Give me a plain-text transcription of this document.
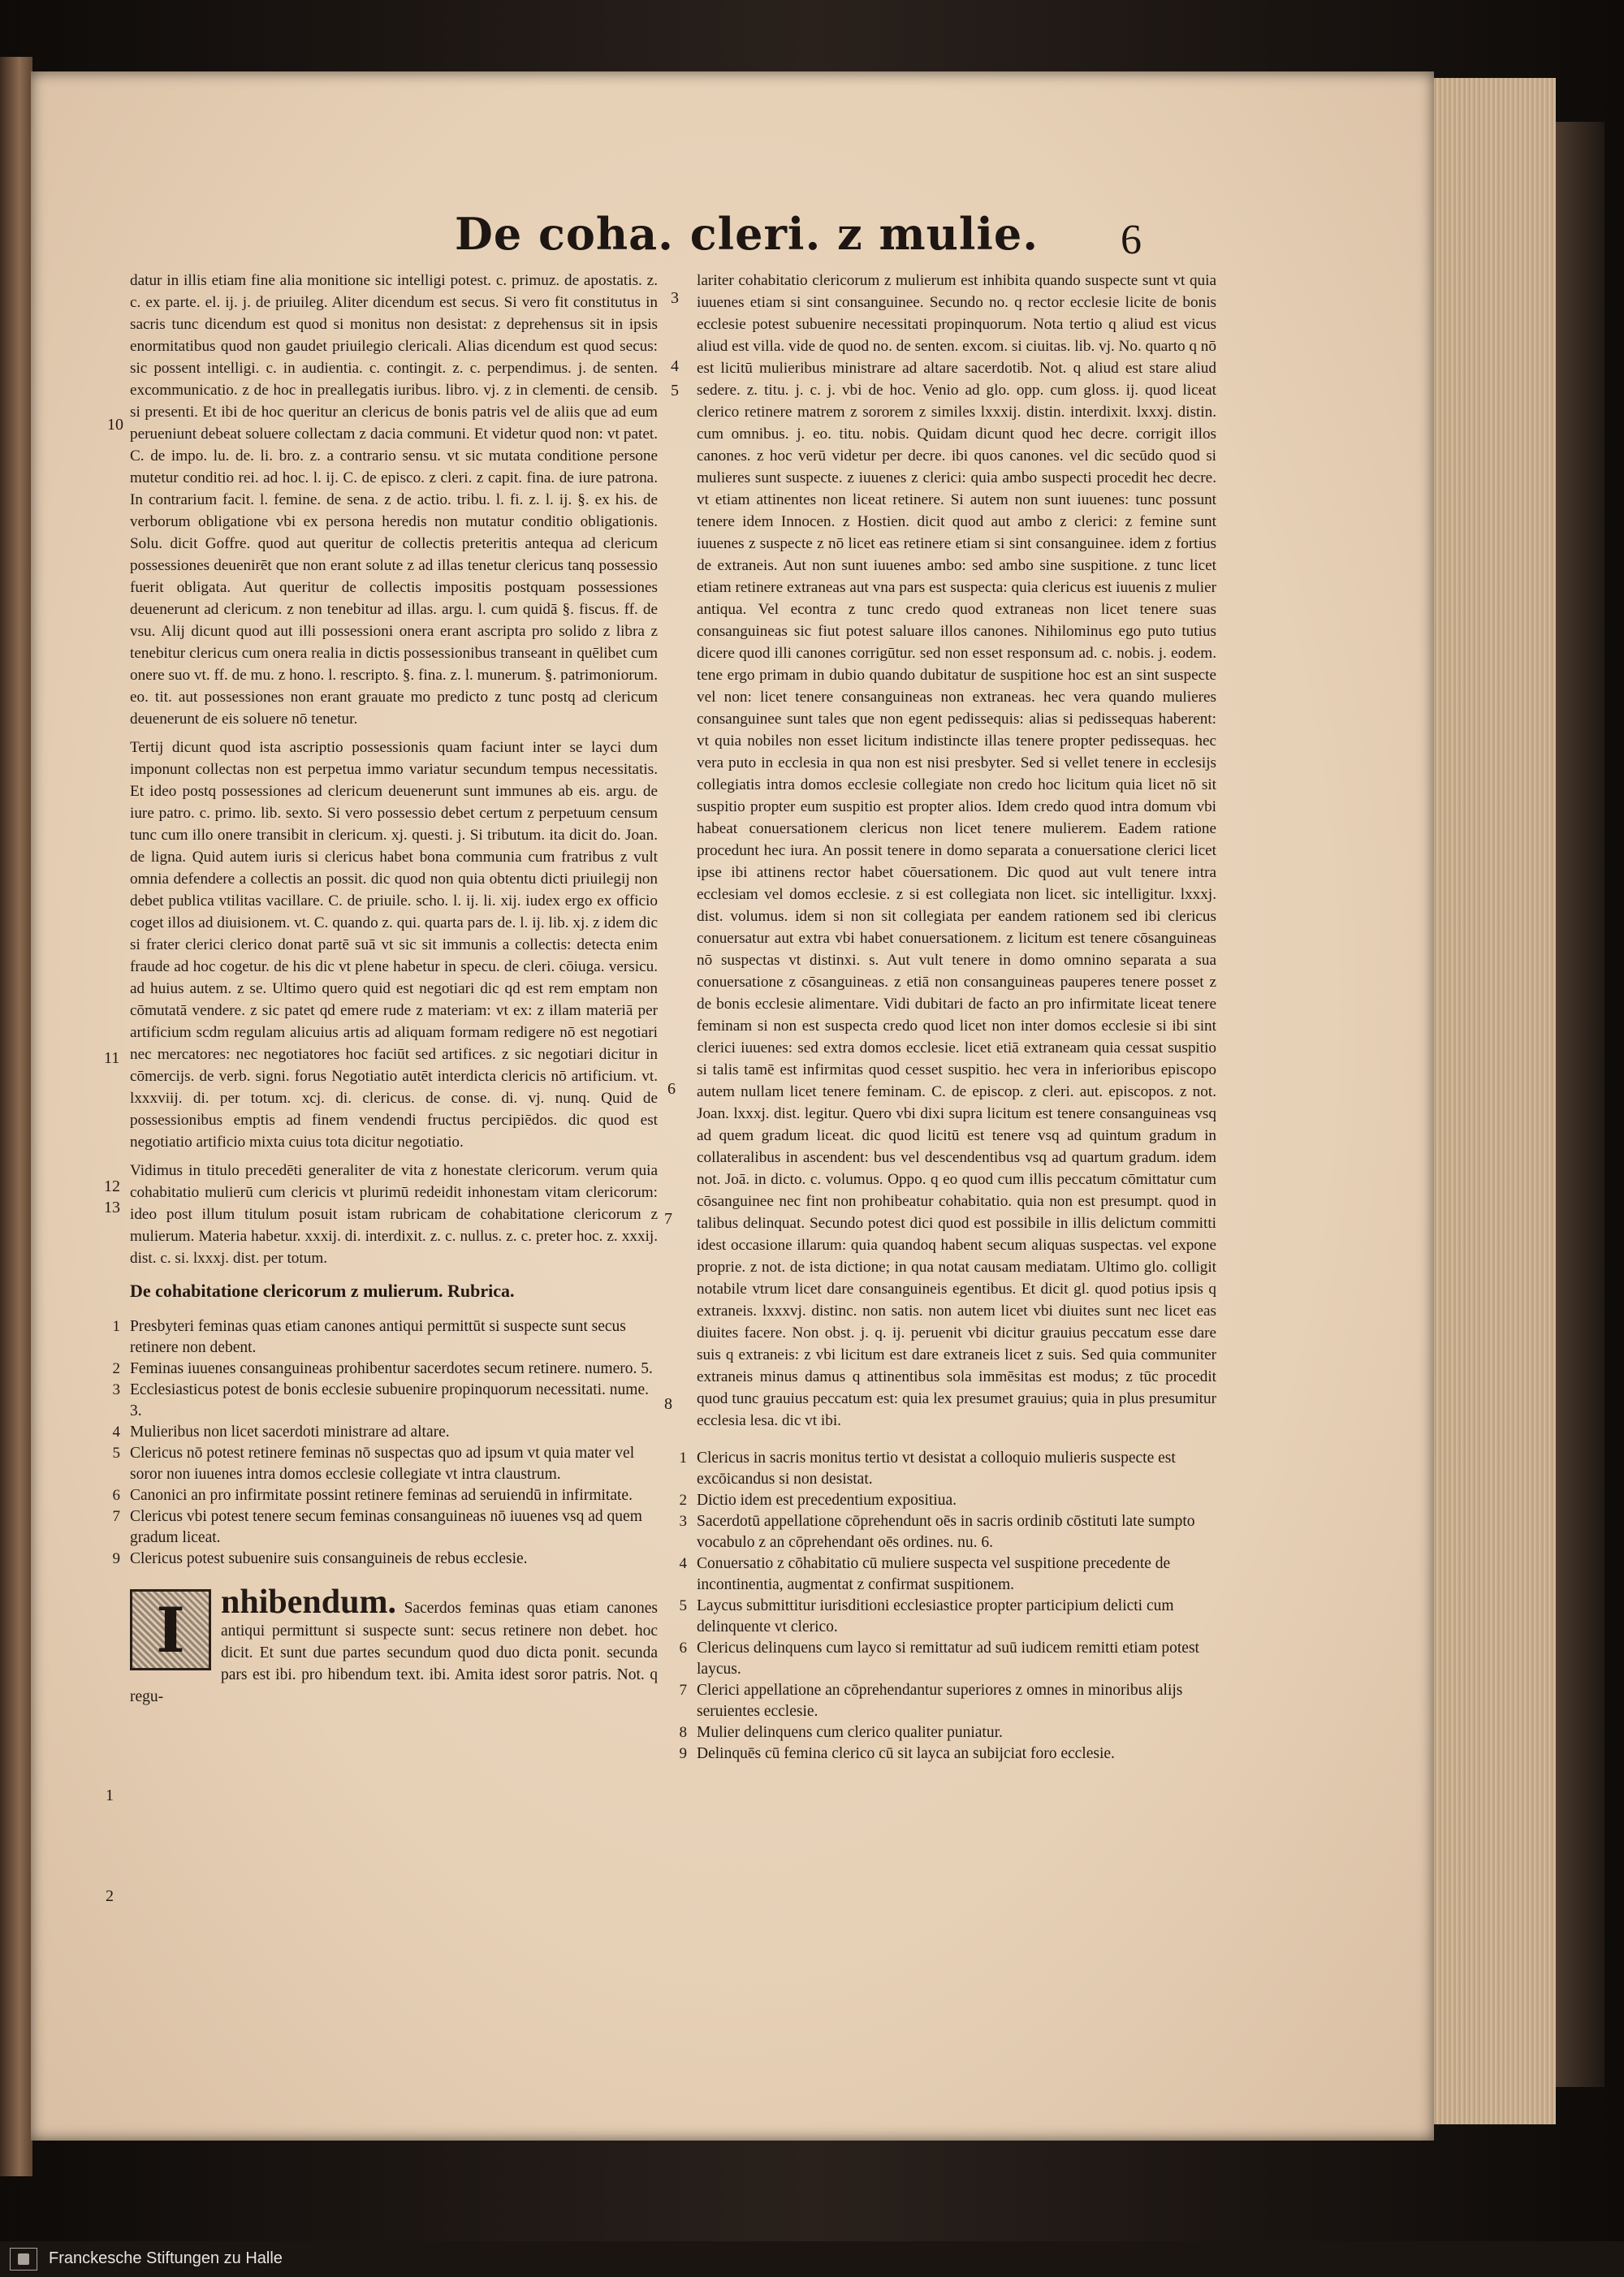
De coha. cleri. z mulie. 6

datur in illis etiam fine alia monitione sic intelligi potest. c. primuz. de apostatis. z. c. ex parte. el. ij. j. de priuileg. Aliter dicendum est secus. Si vero fit constitutus in sacris tunc dicendum est quod si monitus non desistat: z deprehensus sit in ipsis enormitatibus quod non gaudet priuilegio clericali. Alias dicendum est quod secus: sic possent intelligi. c. in audientia. c. contingit. z. c. perpendimus. j. de senten. excommunicatio. z de hoc in preallegatis iuribus. libro. vj. z in clementi. de censib. si presenti. Et ibi de hoc queritur an clericus de bonis patris vel de aliis que ad eum perueniunt debeat soluere collectam z dacia communi. Et videtur quod non: vt patet. C. de impo. lu. de. li. bro. z. a contrario sensu. vt sic mutata conditione persone mutetur conditio rei. ad hoc. l. ij. C. de episco. z cleri. z capit. fina. de iure patrona. In contrarium facit. l. femine. de sena. z de actio. tribu. l. fi. z. l. ij. §. ex his. de verborum obligatione vbi ex persona heredis non mutatur conditio obligationis. Solu. dicit Goffre. quod aut queritur de collectis preteritis antequa ad clericum possessiones deuenirēt que non erant solute z ad illas tenetur clericus tanq possessio fuerit obligata. Aut queritur de collectis impositis postquam possessiones deuenerunt ad clericum. z non tenebitur ad illas. argu. l. cum quidā §. fiscus. ff. de vsu. Alij dicunt quod aut illi possessioni onera erant ascripta pro solido z libra z tenebitur clericus cum onera realia in dictis possessionibus transeant in quēlibet cum onere suo vt. ff. de mu. z hono. l. rescripto. §. fina. z. l. munerum. §. patrimoniorum. eo. tit. aut possessiones non erant grauate mo predicto z tunc postq ad clericum deuenerunt de eis soluere nō tenetur.

Tertij dicunt quod ista ascriptio possessionis quam faciunt inter se layci dum imponunt collectas non est perpetua immo variatur secundum tempus necessitatis. Et ideo postq possessiones ad clericum deuenerunt sunt immunes ab eis. argu. de iure patro. c. primo. lib. sexto. Si vero possessio debet certum z perpetuum censum tunc cum illo onere transibit in clericum. xj. questi. j. Si tributum. ita dicit do. Joan. de ligna. Quid autem iuris si clericus habet bona communia cum fratribus z vult omnia defendere a collectis an possit. dic quod non quia obtentu dicti priuilegij non debet publica vtilitas vacillare. C. de priuile. scho. l. ij. li. xij. iudex ergo ex officio coget illos ad diuisionem. vt. C. quando z. qui. quarta pars de. l. ij. lib. xj. z idem dic si frater clerici clerico donat partē suā vt sic sit immunis a collectis: detecta enim fraude ad hoc cogetur. de his dic vt plene habetur in specu. de cleri. cōiuga. versicu. ad huius autem. z se. Ultimo quero quid est negotiari dic qd est rem emptam non cōmutatā vendere. z sic patet qd emere rude z materiam: vt ex: z illam materiā per artificium scdm regulam alicuius artis ad aliquam formam redigere nō est negotiari nec mercatores: nec negotiatores hoc faciūt sed artifices. z sic negotiari dicitur in cōmercijs. de verb. signi. forus Negotiatio autēt interdicta clericis nō artificium. vt. lxxxviij. di. per totum. xcj. di. clericus. de conse. di. vj. nunq. Quid de possessionibus emptis ad finem vendendi fructus percipiēdos. dic quod est negotiatio artificio mixta cuius tota dicitur negotiatio.

Vidimus in titulo precedēti generaliter de vita z honestate clericorum. verum quia cohabitatio mulierū cum clericis vt plurimū redeidit inhonestam vitam clericorum: ideo post illum titulum posuit istam rubricam de cohabitatione clericorum z mulierum. Materia habetur. xxxij. di. interdixit. z. c. nullus. z. c. preter hoc. z. xxxij. dist. c. si. lxxxj. dist. per totum.

De cohabitatione clericorum z mulierum. Rubrica.
1 Presbyteri feminas quas etiam canones antiqui permittūt si suspecte sunt secus retinere non debent.
2 Feminas iuuenes consanguineas prohibentur sacerdotes secum retinere. numero. 5.
3 Ecclesiasticus potest de bonis ecclesie subuenire propinquorum necessitati. nume. 3.
4 Mulieribus non licet sacerdoti ministrare ad altare.
5 Clericus nō potest retinere feminas nō suspectas quo ad ipsum vt quia mater vel soror non iuuenes intra domos ecclesie collegiate vt intra claustrum.
6 Canonici an pro infirmitate possint retinere feminas ad seruiendū in infirmitate.
7 Clericus vbi potest tenere secum feminas consanguineas nō iuuenes vsq ad quem gradum liceat.
9 Clericus potest subuenire suis consanguineis de rebus ecclesie.
I	nhibendum. Sacerdos feminas quas etiam canones antiqui permittunt si suspecte sunt: secus retinere non debet. hoc dicit. Et sunt due partes secundum quod duo dicta ponit. secunda pars est ibi. pro hibendum text. ibi. Amita idest soror patris. Not. q regu-
10
11
12
13
1
2

lariter cohabitatio clericorum z mulierum est inhibita quando suspecte sunt vt quia iuuenes etiam si sint consanguinee. Secundo no. q rector ecclesie licite de bonis ecclesie potest subuenire necessitati propinquorum. Nota tertio q aliud est vicus aliud est villa. vide de quod no. de senten. excom. si ciuitas. lib. vj. No. quarto q nō est licitū mulieribus ministrare ad altare sacerdotib. Not. q aliud est stare aliud sedere. z. titu. j. c. j. vbi de hoc. Venio ad glo. opp. cum gloss. ij. quod liceat clerico retinere matrem z sororem z similes lxxxij. distin. interdixit. lxxxj. distin. cum omnibus. j. eo. titu. nobis. Quidam dicunt quod hec decre. corrigit illos canones. z hoc verū videtur per decre. ibi quos canones. vel dic secūdo quod si mulieres sunt suspecte. z iuuenes z clerici: quia ambo suspecti procedit hec decre. vt etiam attinentes non liceat retinere. Si autem non sunt iuuenes: tunc possunt tenere idem Innocen. z Hostien. dicit quod aut ambo z clerici: z femine sunt iuuenes z suspecte z nō licet eas retinere etiam si sint consanguinee. idem z fortius de extraneis. Aut non sunt iuuenes ambo: sed ambo sine suspitione. z tunc licet etiam retinere extraneas aut vna pars est suspecta: quia clericus est iuuenis z mulier antiqua. Vel econtra z tunc credo quod extraneas non licet tenere suas consanguineas sic fiut potest saluare illos canones. Nihilominus ego puto tutius dicere quod illi canones corrigūtur. sed non esset responsum ad. c. nobis. j. eodem. tene ergo primam in dubio quando dubitatur de suspitione hoc est an sint suspecte vel non: licet tenere consanguineas non extraneas. hec vera quando mulieres consanguinee sunt tales que non egent pedissequis: alias si pedissequas haberent: vt quia nobiles non esset licitum indistincte illas tenere propter pedissequas. hec vera puto in ecclesia in qua non est nisi presbyter. Sed si vellet tenere in ecclesijs collegiatis intra domos ecclesie collegiate non credo hoc licitum quia licet nō sit suspitio propter eum suspitio est propter alios. Idem credo quod intra domum vbi habeat conuersationem clericus non licet tenere mulierem. Eadem ratione procedunt hec iura. An possit tenere in domo separata a conuersatione clerici licet ipse ibi attinens rector habet cōuersationem. Dic quod aut vult tenere intra ecclesiam vel domos ecclesie. z si est collegiata non licet. sic intelligitur. lxxxj. dist. volumus. idem si non sit collegiata per eandem rationem sed ibi clericus conuersatur aut extra vbi habet conuersationem. z licitum est tenere cōsanguineas nō suspectas vt distinxi. s. Aut vult tenere in domo omnino separata a sua conuersatione z cōsanguineas. z etiā non consanguineas pauperes tenere posset z de bonis ecclesie alimentare. Vidi dubitari de facto an pro infirmitate liceat tenere feminam si non est suspecta credo quod licet non inter domos ecclesie si ibi sint clerici iuuenes: sed extra domos ecclesie. licet etiā extraneam quia cessat suspitio si talis tamē est infirmitas quod cesset suspitio. hec vera in inferioribus episcopo autem nullam licet tenere feminam. C. de episcop. z cleri. aut. episcopos. z not. Joan. lxxxj. dist. legitur. Quero vbi dixi supra licitum est tenere consanguineas vsq ad quem gradum liceat. dic quod licitū est tenere vsq ad quintum gradum in collateralibus in ascendent: bus vel descendentibus vsq ad quartum gradum. idem not. Joā. in dicto. c. volumus. Oppo. q eo quod cum illis peccatum cōmittatur cum cōsanguinee nec fint non prohibeatur cohabitatio. quia non est presumpt. quod in talibus delinquat. Secundo potest dici quod est possibile in illis delictum committi idest occasione illarum: quia quandoq habent secum aliquas suspectas. vel expone proprie. z not. de ista dictione; in qua notat causam mediatam. Ultimo glo. colligit notabile vtrum licet dare consanguineis egentibus. Et dicit gl. quod potius ipsis q extraneis. lxxxvj. distinc. non satis. non autem licet vbi diuites sunt nec licet eas diuites facere. Non obst. j. q. ij. peruenit vbi dicitur grauius peccatum esse dare suis q extraneis: z vbi licitum est dare extraneis licet z suis. Sed quia communiter extraneis minus damus q attinentibus sola immēsitas est modus; z tūc procedit quod tunc grauius peccatum est: quia lex presumet grauius; quia in plus presumitur ecclesia lesa. dic vt ibi.

1 Clericus in sacris monitus tertio vt desistat a colloquio mulieris suspecte est excōicandus si non desistat.
2 Dictio idem est precedentium expositiua.
3 Sacerdotū appellatione cōprehendunt oēs in sacris ordinib cōstituti late sumpto vocabulo z an cōprehendant oēs ordines. nu. 6.
4 Conuersatio z cōhabitatio cū muliere suspecta vel suspitione precedente de incontinentia, augmentat z confirmat suspitionem.
5 Laycus submittitur iurisditioni ecclesiastice propter participium delicti cum delinquente vt clerico.
6 Clericus delinquens cum layco si remittatur ad suū iudicem remitti etiam potest laycus.
7 Clerici appellatione an cōprehendantur superiores z omnes in minoribus alijs seruientes ecclesie.
8 Mulier delinquens cum clerico qualiter puniatur.
9 Delinquēs cū femina clerico cū sit layca an subijciat foro ecclesie.
3
4
5
6
7
8
Franckesche Stiftungen zu Halle
